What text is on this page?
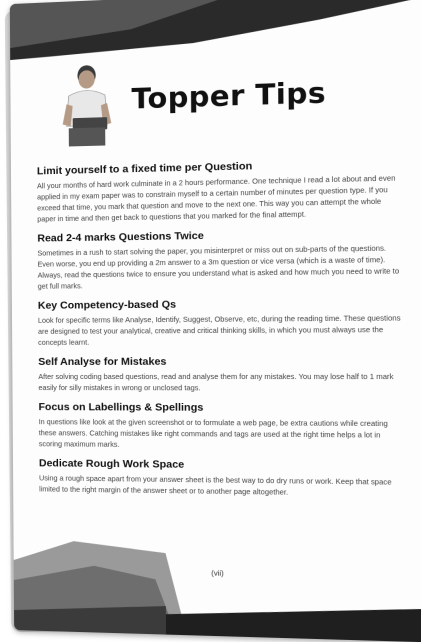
Topper Tips
Limit yourself to a fixed time per Question

All your months of hard work culminate in a 2 hours performance. One technique I read a lot about and even applied in my exam paper was to constrain myself to a certain number of minutes per question type. If you exceed that time, you mark that question and move to the next one. This way you can attempt the whole paper in time and then get back to questions that you marked for the final attempt.

Read 2-4 marks Questions Twice

Sometimes in a rush to start solving the paper, you misinterpret or miss out on sub-parts of the questions. Even worse, you end up providing a 2m answer to a 3m question or vice versa (which is a waste of time). Always, read the questions twice to ensure you understand what is asked and how much you need to write to get full marks.

Key Competency-based Qs

Look for specific terms like Analyse, Identify, Suggest, Observe, etc, during the reading time. These questions are designed to test your analytical, creative and critical thinking skills, in which you must always use the concepts learnt.

Self Analyse for Mistakes

After solving coding based questions, read and analyse them for any mistakes. You may lose half to 1 mark easily for silly mistakes in wrong or unclosed tags.

Focus on Labellings & Spellings

In questions like look at the given screenshot or to formulate a web page, be extra cautions while creating these answers. Catching mistakes like right commands and tags are used at the right time helps a lot in scoring maximum marks.

Dedicate Rough Work Space

Using a rough space apart from your answer sheet is the best way to do dry runs or work. Keep that space limited to the right margin of the answer sheet or to another page altogether.

(vii)
